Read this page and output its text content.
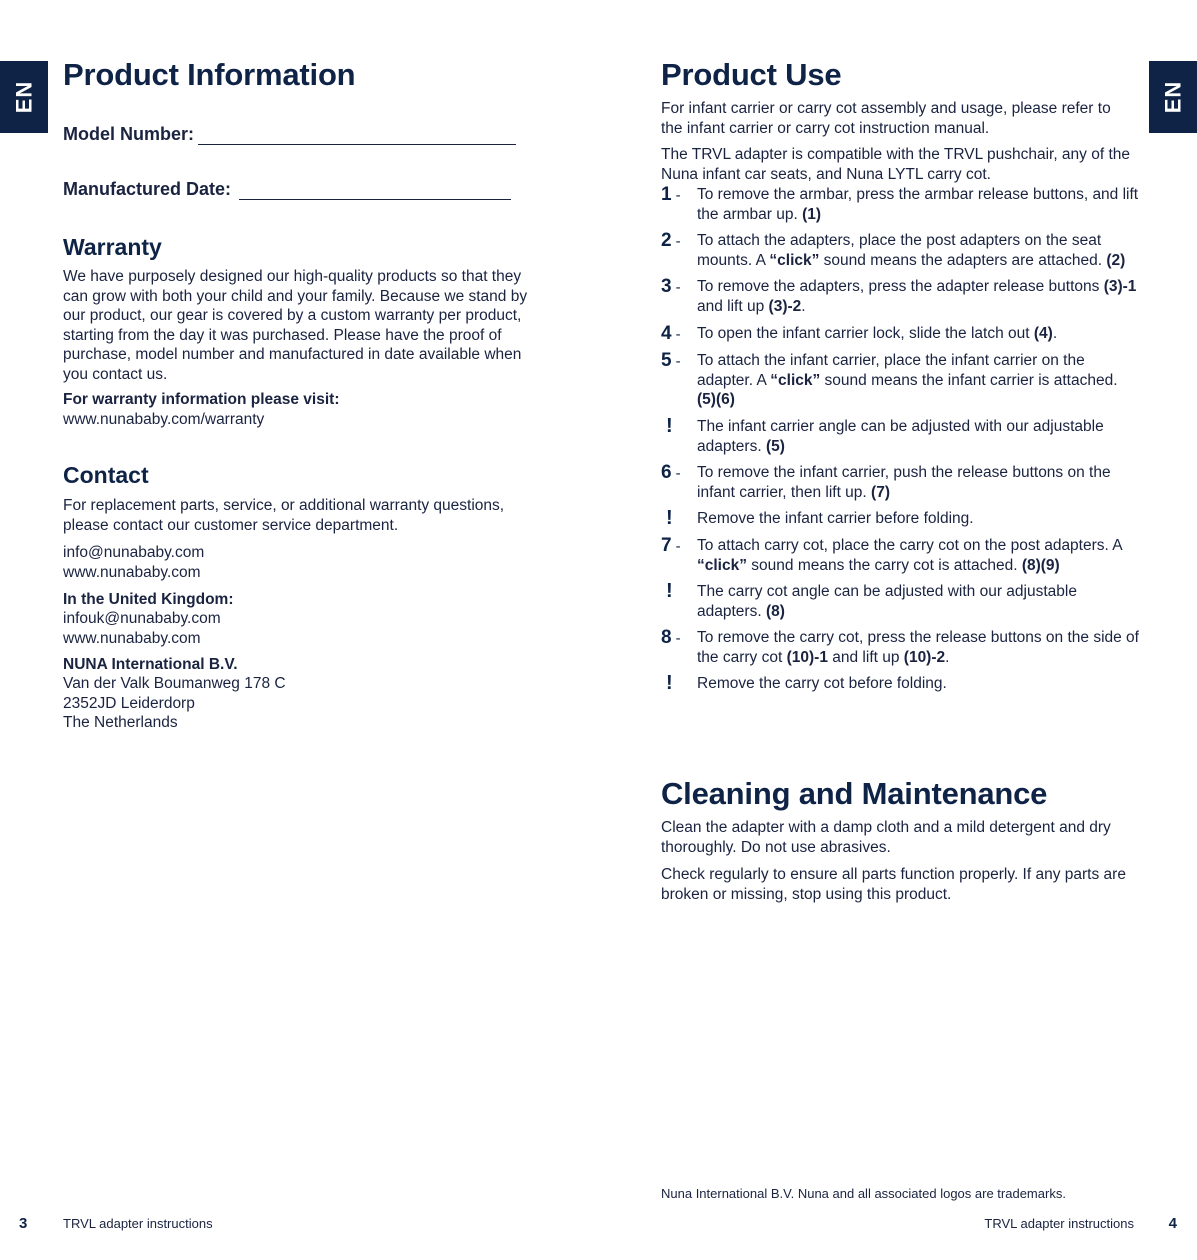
EN	EN
Product Information
Model Number:
Manufactured Date:
Warranty

We have purposely designed our high-quality products so that they can grow with both your child and your family. Because we stand by our product, our gear is covered by a custom warranty per product, starting from the day it was purchased. Please have the proof of purchase, model number and manufactured in date available when you contact us.

For warranty information please visit:

www.nunababy.com/warranty

Contact

For replacement parts, service, or additional warranty questions, please contact our customer service department.

info@nunababy.com

www.nunababy.com

In the United Kingdom:

infouk@nunababy.com

www.nunababy.com

NUNA International B.V.

Van der Valk Boumanweg 178 C

2352JD Leiderdorp

The Netherlands

Product Use

For infant carrier or carry cot assembly and usage, please refer to the infant carrier or carry cot instruction manual.

The TRVL adapter is compatible with the TRVL pushchair, any of the Nuna infant car seats, and Nuna LYTL carry cot.

1 -	To remove the armbar, press the armbar release buttons, and lift the armbar up. (1)
2 -	To attach the adapters, place the post adapters on the seat mounts. A “click” sound means the adapters are attached. (2)
3 -	To remove the adapters, press the adapter release buttons (3)-1 and lift up (3)-2.
4 -	To open the infant carrier lock, slide the latch out (4).
5 -	To attach the infant carrier, place the infant carrier on the adapter. A “click” sound means the infant carrier is attached. (5)(6)
!	The infant carrier angle can be adjusted with our adjustable adapters. (5)
6 -	To remove the infant carrier, push the release buttons on the infant carrier, then lift up. (7)
!	Remove the infant carrier before folding.
7 -	To attach carry cot, place the carry cot on the post adapters. A “click” sound means the carry cot is attached. (8)(9)
!	The carry cot angle can be adjusted with our adjustable adapters. (8)
8 -	To remove the carry cot, press the release buttons on the side of the carry cot (10)-1 and lift up (10)-2.
!	Remove the carry cot before folding.
Cleaning and Maintenance

Clean the adapter with a damp cloth and a mild detergent and dry thoroughly. Do not use abrasives.

Check regularly to ensure all parts function properly. If any parts are broken or missing, stop using this product.

Nuna International B.V. Nuna and all associated logos are trademarks.

3	TRVL adapter instructions	TRVL adapter instructions 4
